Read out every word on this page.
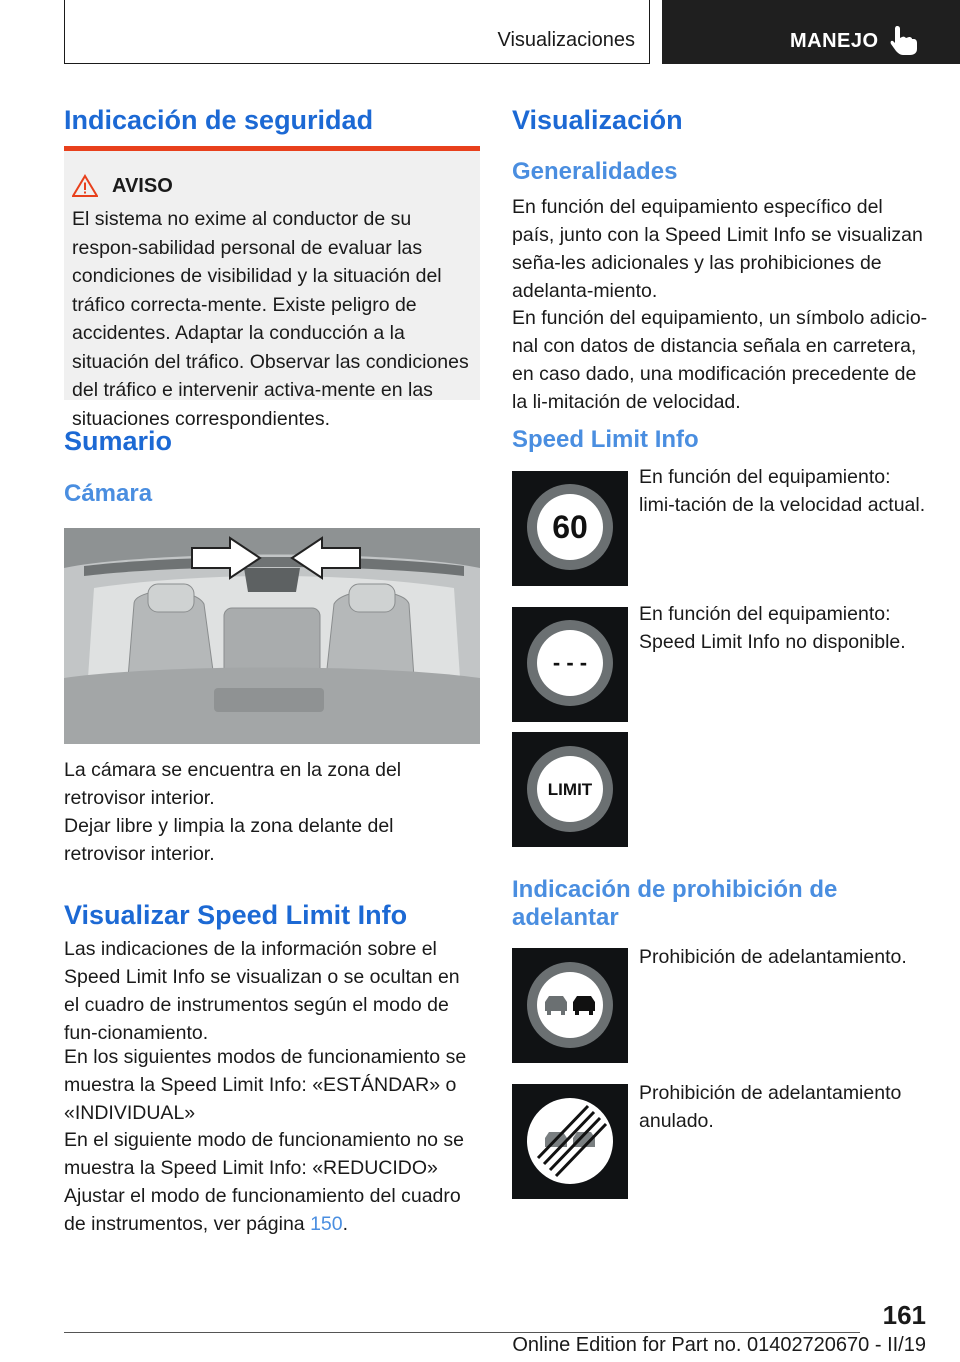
Visualizaciones	MANEJO
Indicación de seguridad
AVISO
El sistema no exime al conductor de su respon-sabilidad personal de evaluar las condiciones de visibilidad y la situación del tráfico correcta-mente. Existe peligro de accidentes. Adaptar la conducción a la situación del tráfico. Observar las condiciones del tráfico e intervenir activa-mente en las situaciones correspondientes.
Sumario
Cámara
La cámara se encuentra en la zona del retrovisor interior.
Dejar libre y limpia la zona delante del retrovisor interior.
Visualizar Speed Limit Info
Las indicaciones de la información sobre el Speed Limit Info se visualizan o se ocultan en el cuadro de instrumentos según el modo de fun-cionamiento.
En los siguientes modos de funcionamiento se muestra la Speed Limit Info: «ESTÁNDAR» o «INDIVIDUAL»
En el siguiente modo de funcionamiento no se muestra la Speed Limit Info: «REDUCIDO»
Ajustar el modo de funcionamiento del cuadro de instrumentos, ver página 150.
Visualización
Generalidades
En función del equipamiento específico del país, junto con la Speed Limit Info se visualizan seña-les adicionales y las prohibiciones de adelanta-miento.
En función del equipamiento, un símbolo adicio-nal con datos de distancia señala en carretera, en caso dado, una modificación precedente de la li-mitación de velocidad.
Speed Limit Info
60
En función del equipamiento: limi-tación de la velocidad actual.
- - -
En función del equipamiento: Speed Limit Info no disponible.
LIMIT
Indicación de prohibición de adelantar
Prohibición de adelantamiento.
Prohibición de adelantamiento anulado.
161
Online Edition for Part no. 01402720670 - II/19
